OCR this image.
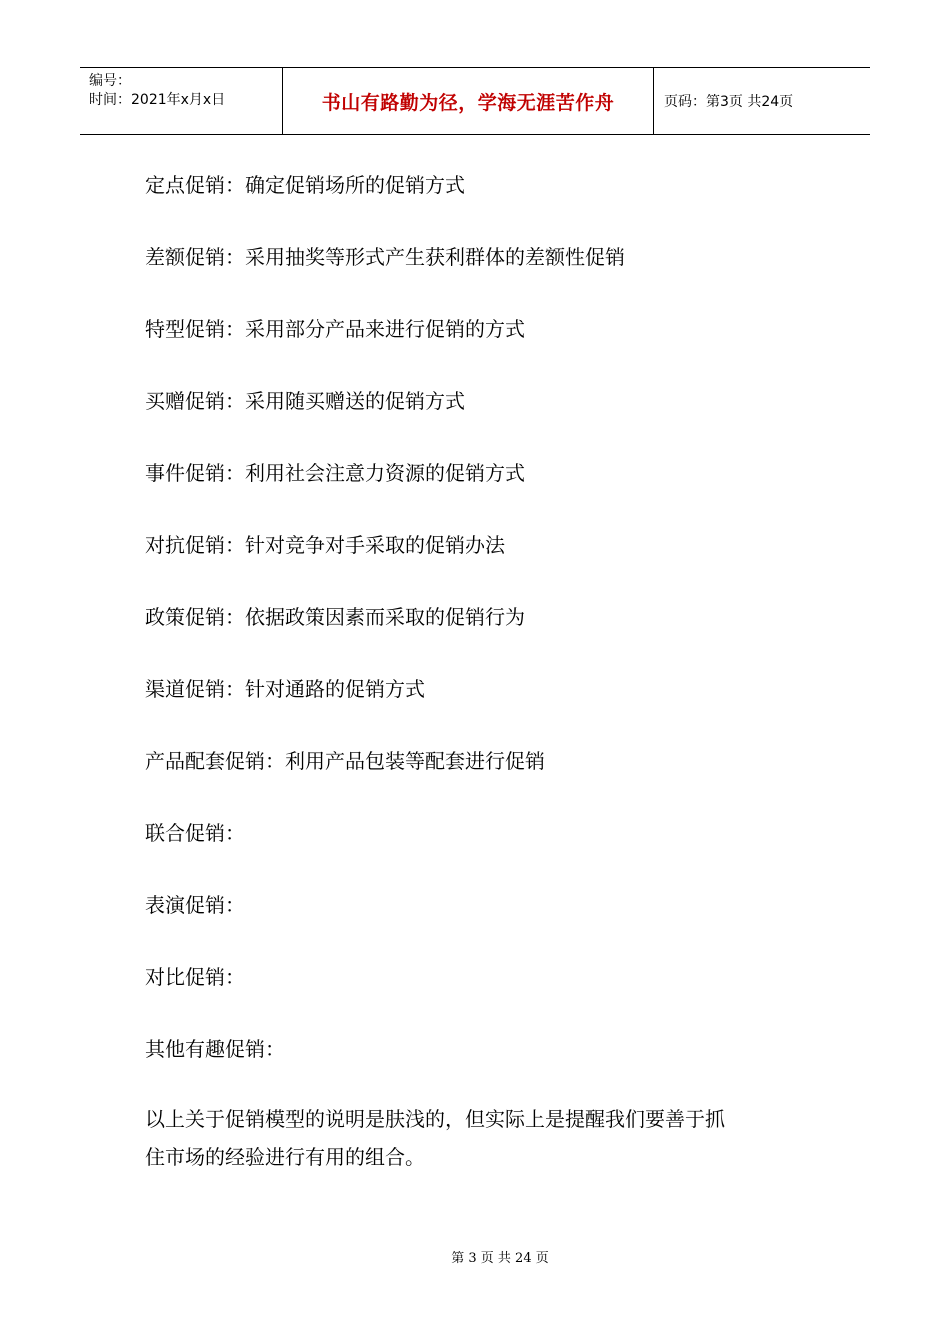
编号：
时间：2021年x月x日	书山有路勤为径，学海无涯苦作舟	页码：第3页 共24页
定点促销：确定促销场所的促销方式
差额促销：采用抽奖等形式产生获利群体的差额性促销
特型促销：采用部分产品来进行促销的方式
买赠促销：采用随买赠送的促销方式
事件促销：利用社会注意力资源的促销方式
对抗促销：针对竞争对手采取的促销办法
政策促销：依据政策因素而采取的促销行为
渠道促销：针对通路的促销方式
产品配套促销：利用产品包装等配套进行促销
联合促销：
表演促销：
对比促销：
其他有趣促销：
以上关于促销模型的说明是肤浅的，但实际上是提醒我们要善于抓
住市场的经验进行有用的组合。
第 3 页 共 24 页
